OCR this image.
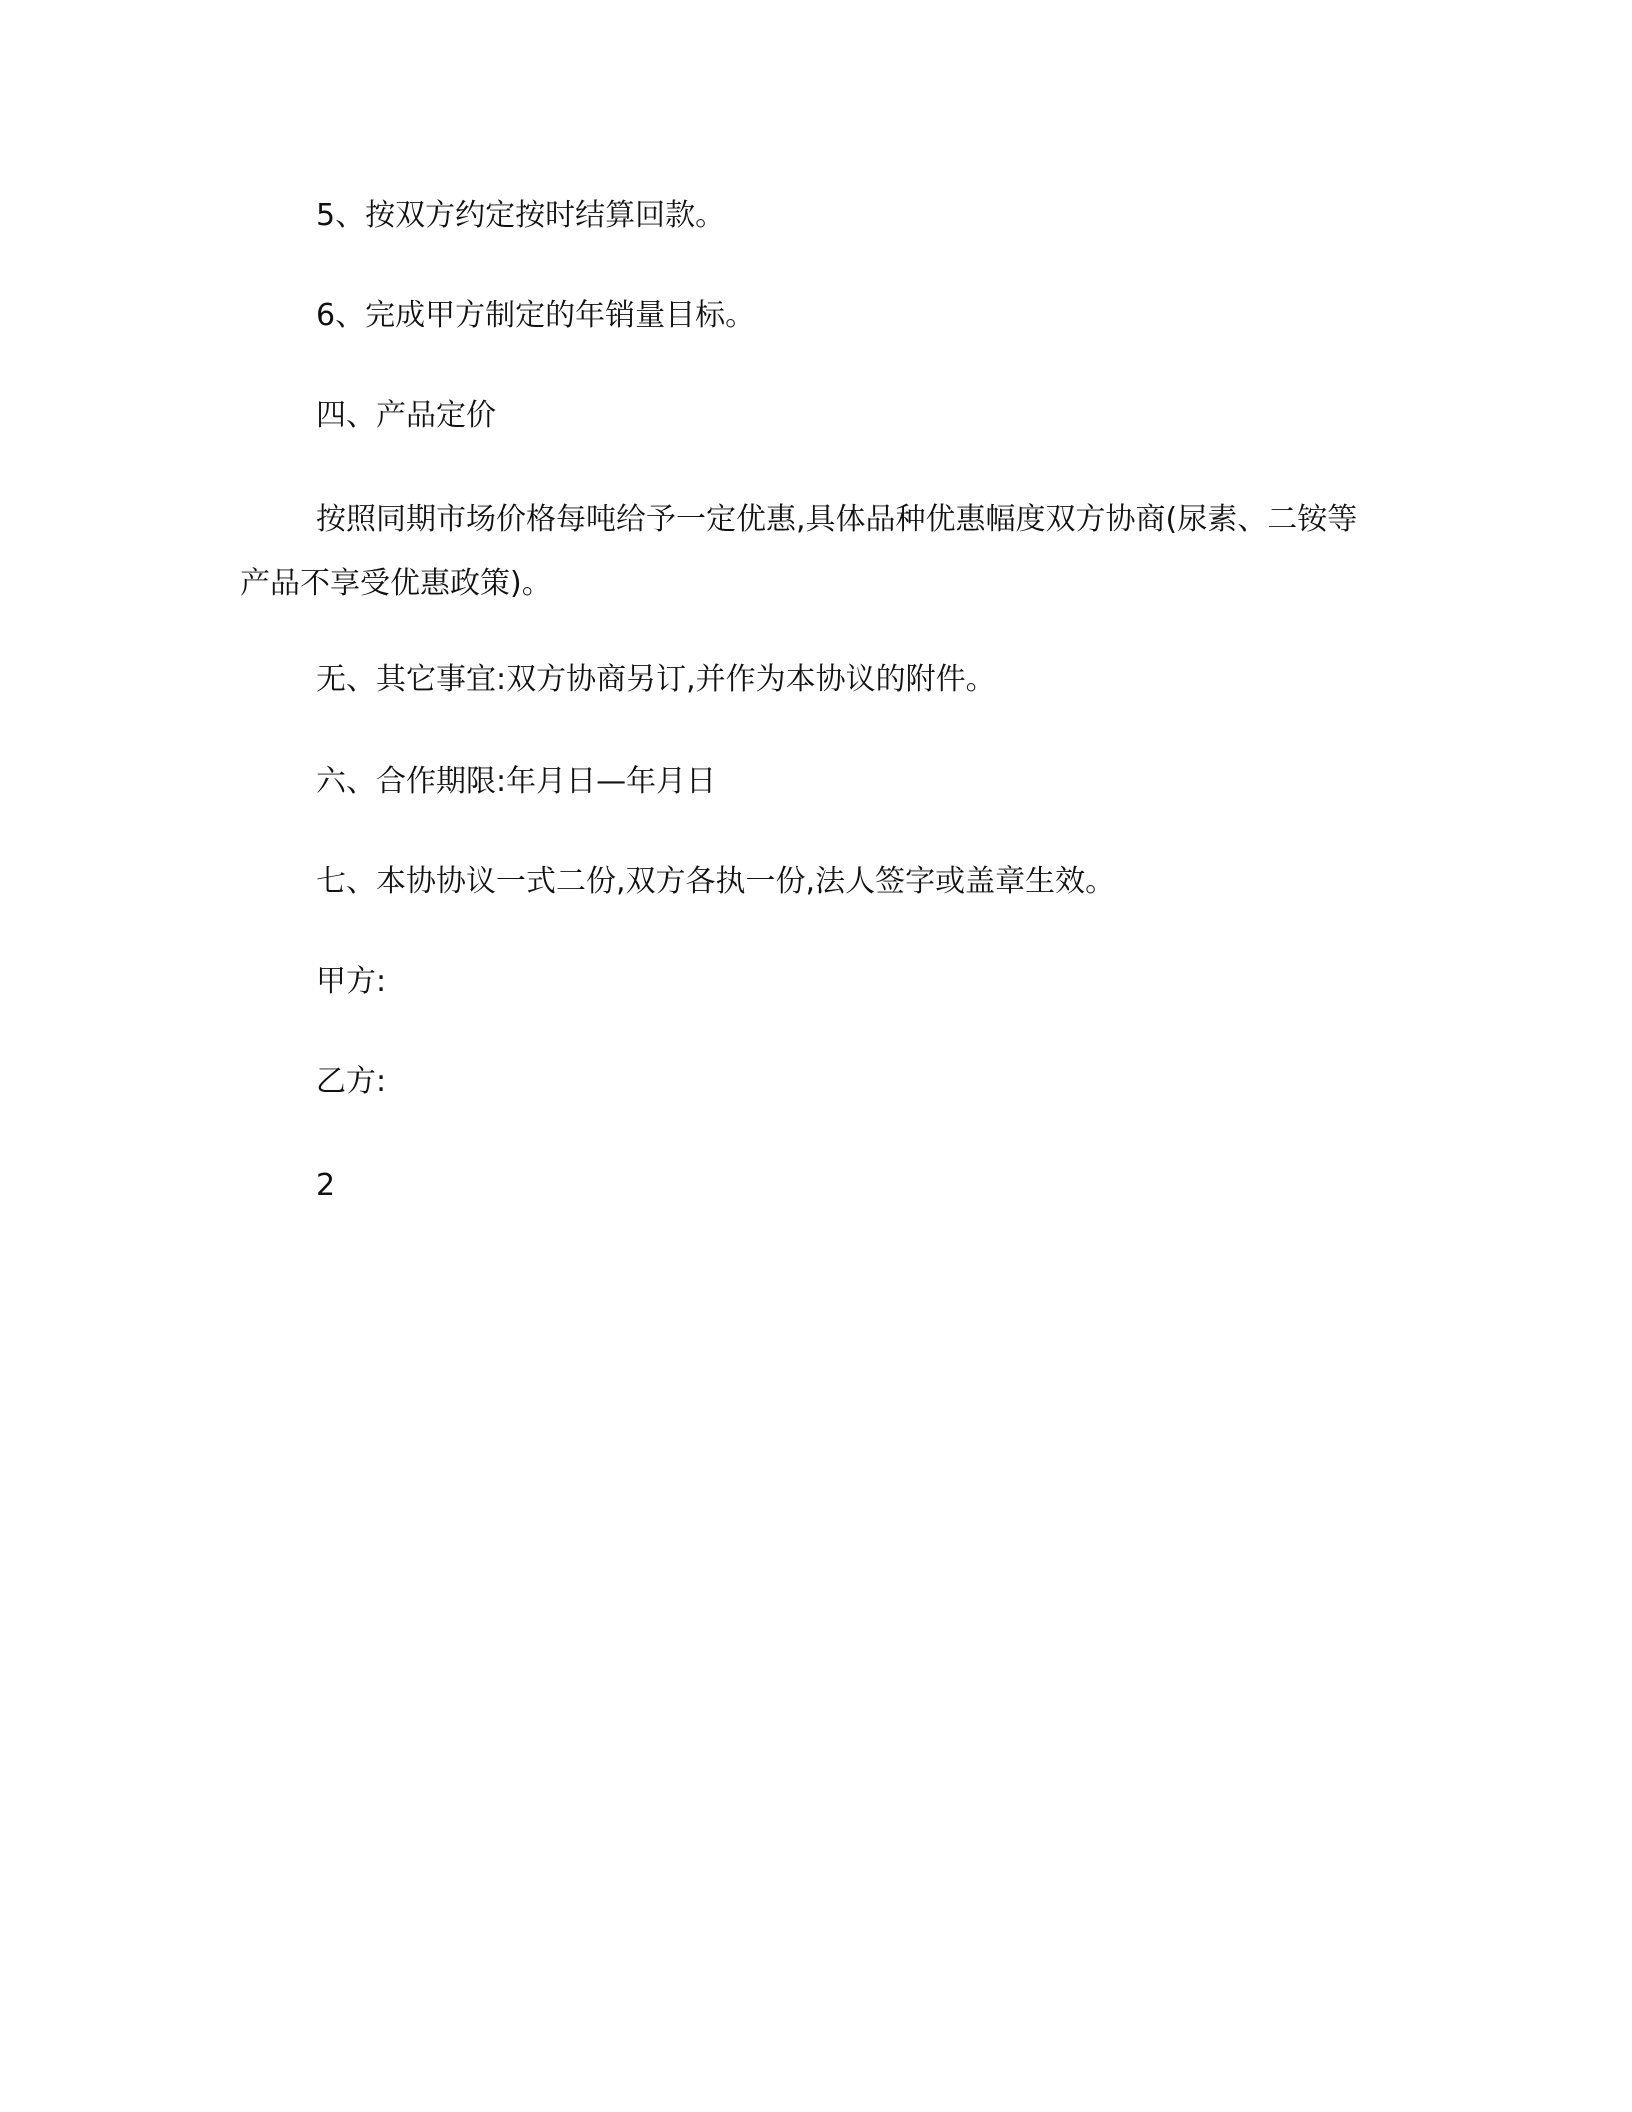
5、按双方约定按时结算回款。

6、完成甲方制定的年销量目标。

四、产品定价

按照同期市场价格每吨给予一定优惠,具体品种优惠幅度双方协商(尿素、二铵等产品不享受优惠政策)。

无、其它事宜:双方协商另订,并作为本协议的附件。

六、合作期限:年月日—年月日

七、本协协议一式二份,双方各执一份,法人签字或盖章生效。

甲方:

乙方:

2
